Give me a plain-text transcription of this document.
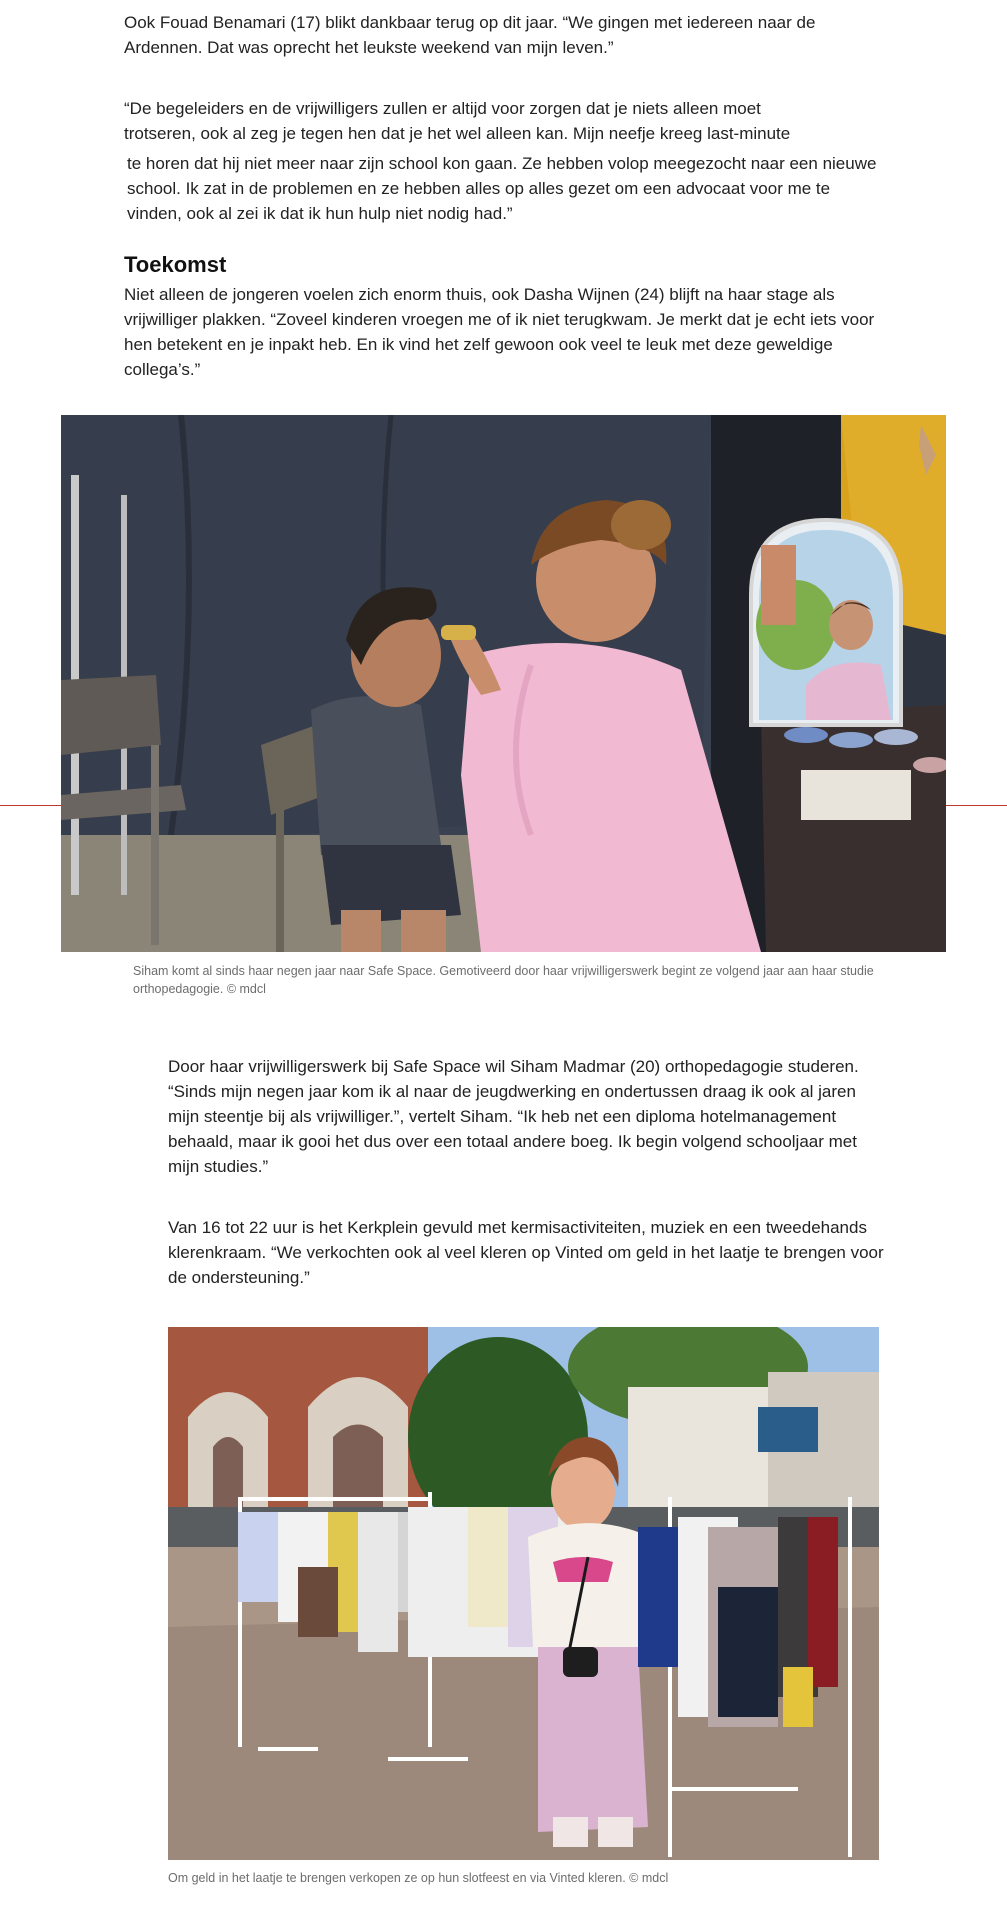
Ook Fouad Benamari (17) blikt dankbaar terug op dit jaar. “We gingen met iedereen naar de Ardennen. Dat was oprecht het leukste weekend van mijn leven.”

“De begeleiders en de vrijwilligers zullen er altijd voor zorgen dat je niets alleen moet
trotseren, ook al zeg je tegen hen dat je het wel alleen kan. Mijn neefje kreeg last-minute

te horen dat hij niet meer naar zijn school kon gaan. Ze hebben volop meegezocht naar een nieuwe school. Ik zat in de problemen en ze hebben alles op alles gezet om een advocaat voor me te vinden, ook al zei ik dat ik hun hulp niet nodig had.”

Toekomst

Niet alleen de jongeren voelen zich enorm thuis, ook Dasha Wijnen (24) blijft na haar stage als vrijwilliger plakken. “Zoveel kinderen vroegen me of ik niet terugkwam. Je merkt dat je echt iets voor hen betekent en je inpakt heb. En ik vind het zelf gewoon ook veel te leuk met deze geweldige collega’s.”

Siham komt al sinds haar negen jaar naar Safe Space. Gemotiveerd door haar vrijwilligerswerk begint ze volgend jaar aan haar studie orthopedagogie. © mdcl

Door haar vrijwilligerswerk bij Safe Space wil Siham Madmar (20) orthopedagogie studeren. “Sinds mijn negen jaar kom ik al naar de jeugdwerking en ondertussen draag ik ook al jaren mijn steentje bij als vrijwilliger.”, vertelt Siham. “Ik heb net een diploma hotelmanagement behaald, maar ik gooi het dus over een totaal andere boeg. Ik begin volgend schooljaar met mijn studies.”

Van 16 tot 22 uur is het Kerkplein gevuld met kermisactiviteiten, muziek en een tweedehands klerenkraam. “We verkochten ook al veel kleren op Vinted om geld in het laatje te brengen voor de ondersteuning.”

Om geld in het laatje te brengen verkopen ze op hun slotfeest en via Vinted kleren. © mdcl
